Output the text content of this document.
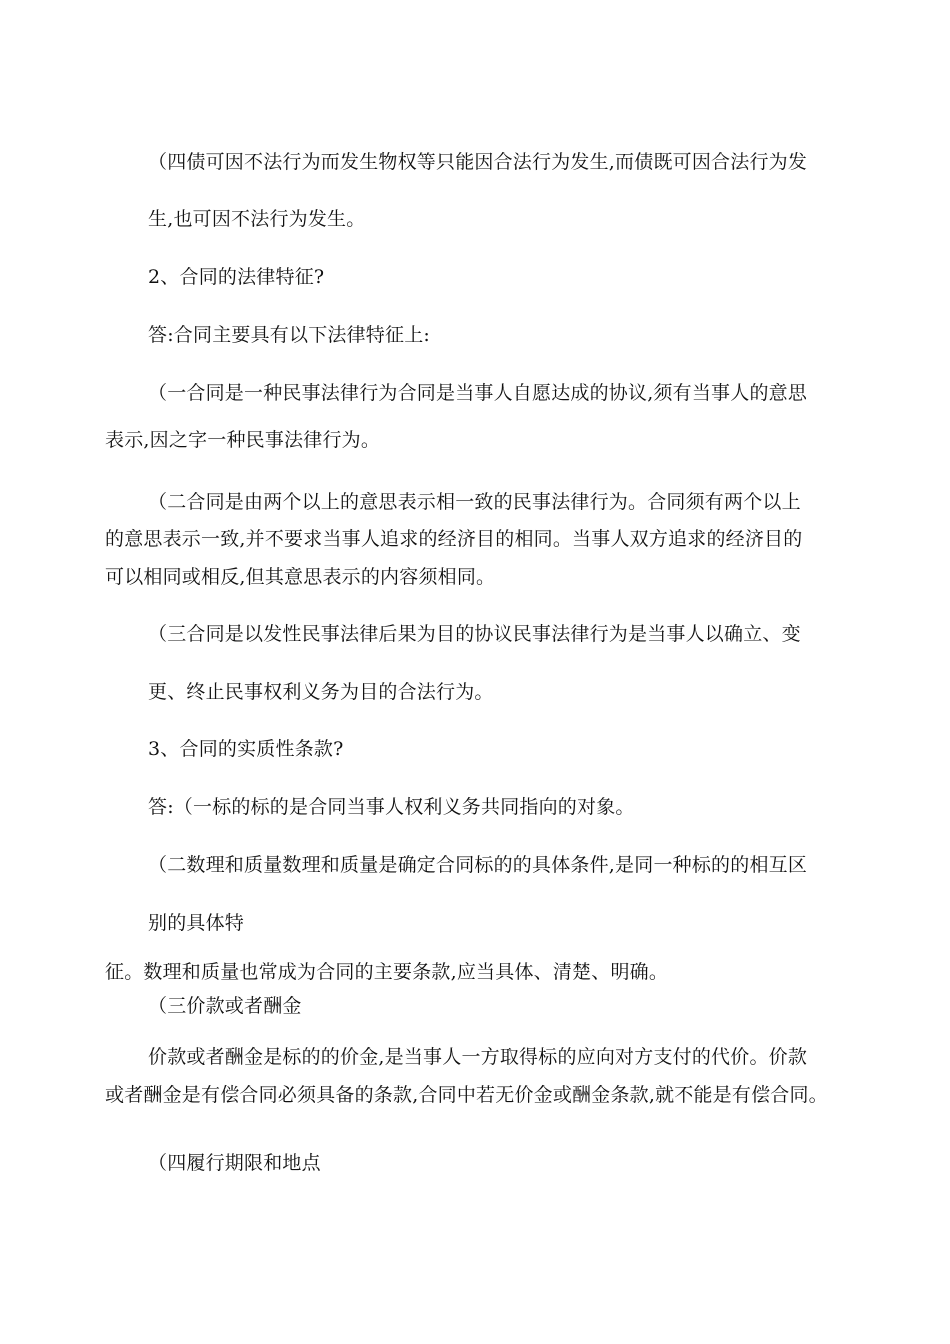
（四债可因不法行为而发生物权等只能因合法行为发生,而债既可因合法行为发
生,也可因不法行为发生。
2、合同的法律特征?
答:合同主要具有以下法律特征上:
（一合同是一种民事法律行为合同是当事人自愿达成的协议,须有当事人的意思
表示,因之字一种民事法律行为。
（二合同是由两个以上的意思表示相一致的民事法律行为。合同须有两个以上
的意思表示一致,并不要求当事人追求的经济目的相同。当事人双方追求的经济目的
可以相同或相反,但其意思表示的内容须相同。
（三合同是以发性民事法律后果为目的协议民事法律行为是当事人以确立、变
更、终止民事权利义务为目的合法行为。
3、合同的实质性条款?
答:（一标的标的是合同当事人权利义务共同指向的对象。
（二数理和质量数理和质量是确定合同标的的具体条件,是同一种标的的相互区
别的具体特
征。数理和质量也常成为合同的主要条款,应当具体、清楚、明确。
（三价款或者酬金
价款或者酬金是标的的价金,是当事人一方取得标的应向对方支付的代价。价款
或者酬金是有偿合同必须具备的条款,合同中若无价金或酬金条款,就不能是有偿合同。
（四履行期限和地点
